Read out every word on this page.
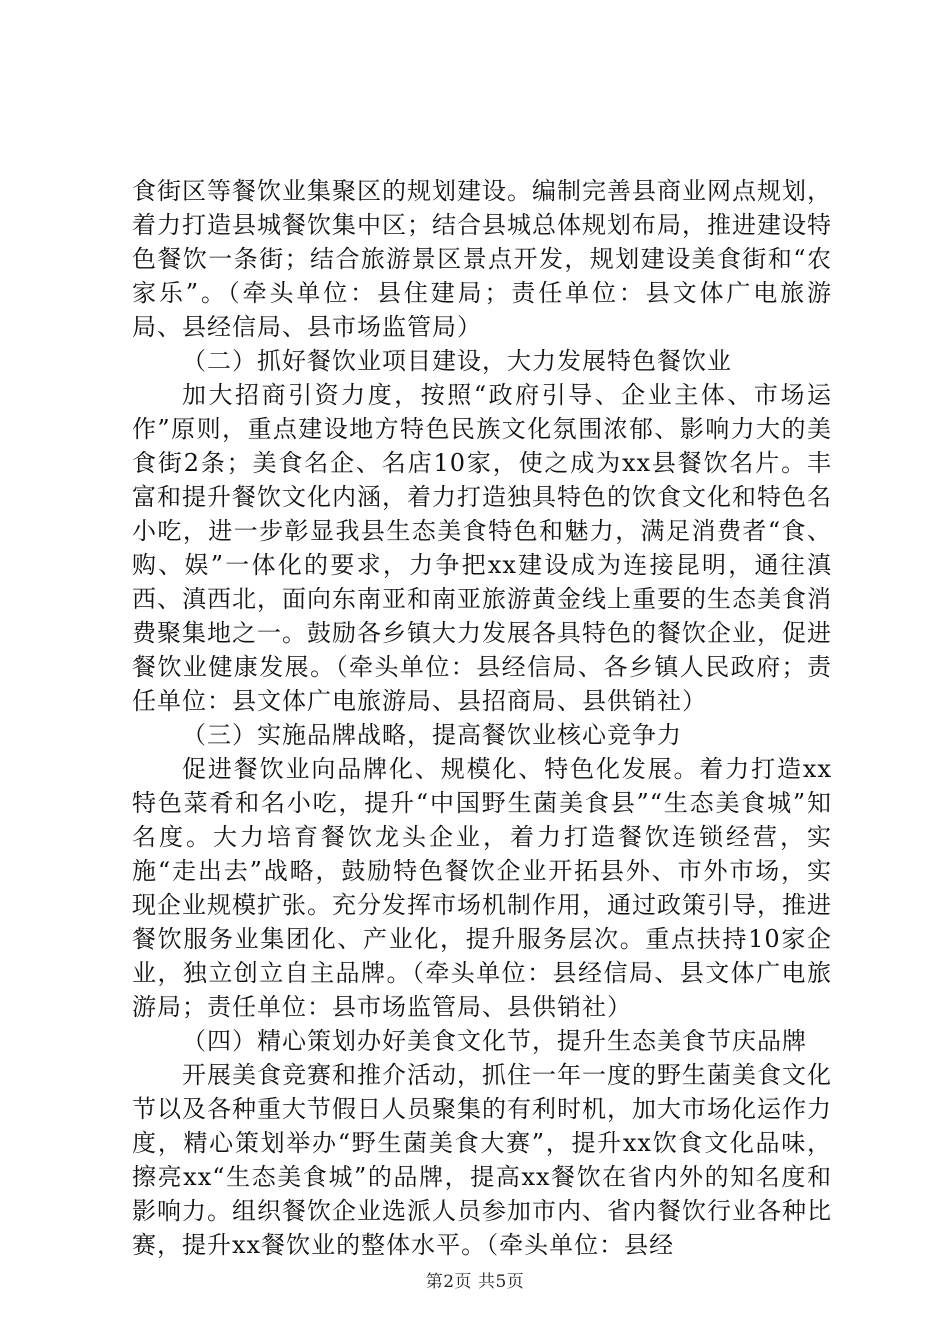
食街区等餐饮业集聚区的规划建设。编制完善县商业网点规划，着力打造县城餐饮集中区；结合县城总体规划布局，推进建设特色餐饮一条街；结合旅游景区景点开发，规划建设美食街和“农家乐”。（牵头单位：县住建局；责任单位：县文体广电旅游局、县经信局、县市场监管局）

（二）抓好餐饮业项目建设，大力发展特色餐饮业

加大招商引资力度，按照“政府引导、企业主体、市场运作”原则，重点建设地方特色民族文化氛围浓郁、影响力大的美食街2条；美食名企、名店10家，使之成为xx县餐饮名片。丰富和提升餐饮文化内涵，着力打造独具特色的饮食文化和特色名小吃，进一步彰显我县生态美食特色和魅力，满足消费者“食、购、娱”一体化的要求，力争把xx建设成为连接昆明，通往滇西、滇西北，面向东南亚和南亚旅游黄金线上重要的生态美食消费聚集地之一。鼓励各乡镇大力发展各具特色的餐饮企业，促进餐饮业健康发展。（牵头单位：县经信局、各乡镇人民政府；责任单位：县文体广电旅游局、县招商局、县供销社）

（三）实施品牌战略，提高餐饮业核心竞争力

促进餐饮业向品牌化、规模化、特色化发展。着力打造xx特色菜肴和名小吃，提升“中国野生菌美食县”“生态美食城”知名度。大力培育餐饮龙头企业，着力打造餐饮连锁经营，实施“走出去”战略，鼓励特色餐饮企业开拓县外、市外市场，实现企业规模扩张。充分发挥市场机制作用，通过政策引导，推进餐饮服务业集团化、产业化，提升服务层次。重点扶持10家企业，独立创立自主品牌。（牵头单位：县经信局、县文体广电旅游局；责任单位：县市场监管局、县供销社）

（四）精心策划办好美食文化节，提升生态美食节庆品牌

开展美食竞赛和推介活动，抓住一年一度的野生菌美食文化节以及各种重大节假日人员聚集的有利时机，加大市场化运作力度，精心策划举办“野生菌美食大赛”，提升xx饮食文化品味，擦亮xx“生态美食城”的品牌，提高xx餐饮在省内外的知名度和影响力。组织餐饮企业选派人员参加市内、省内餐饮行业各种比赛，提升xx餐饮业的整体水平。（牵头单位：县经

第2页 共5页
